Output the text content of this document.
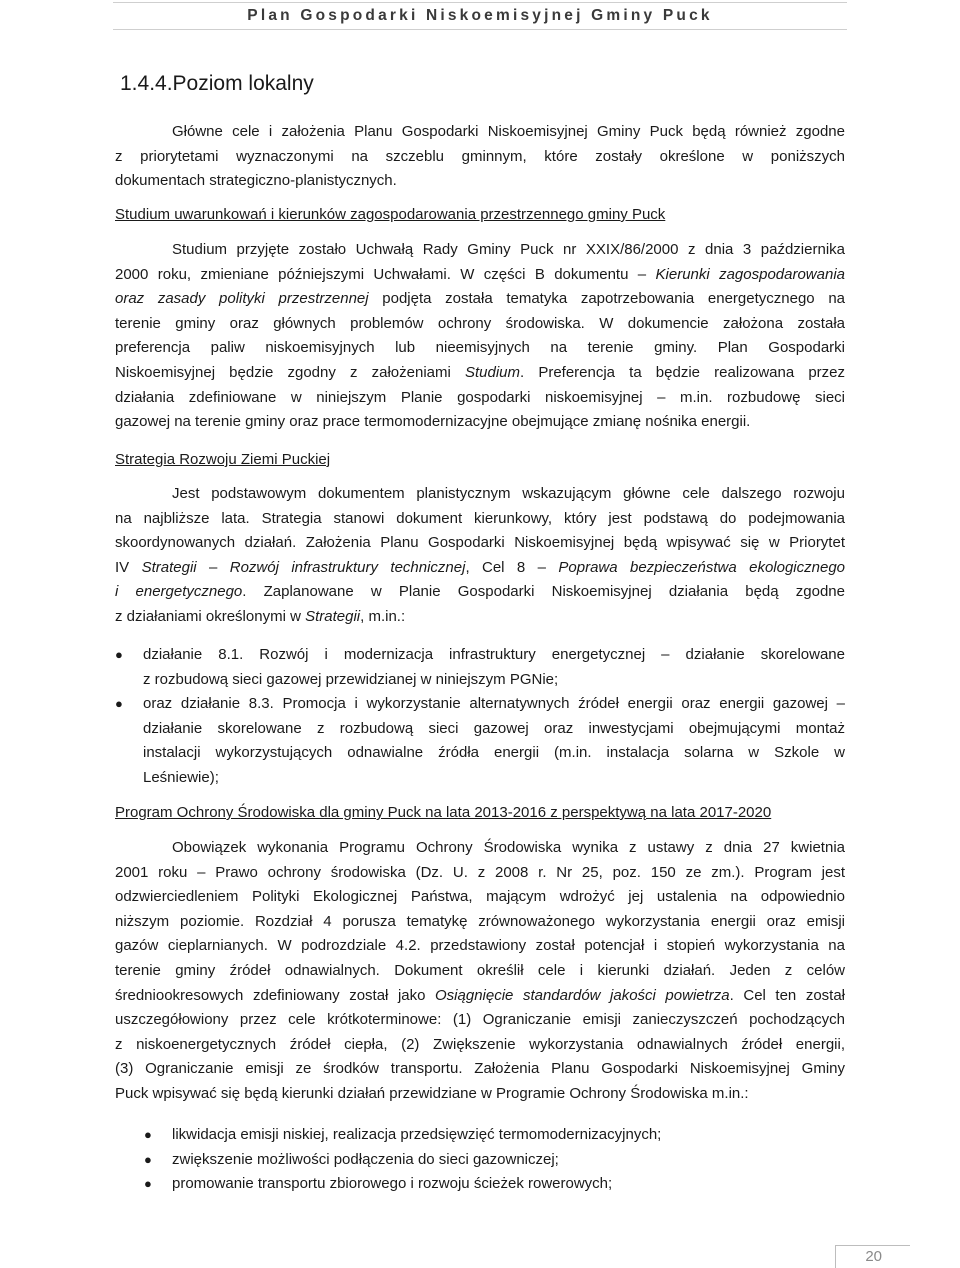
Plan Gospodarki Niskoemisyjnej Gminy Puck
1.4.4.Poziom lokalny
Główne cele i założenia Planu Gospodarki Niskoemisyjnej Gminy Puck będą również zgodne
z priorytetami wyznaczonymi na szczeblu gminnym, które zostały określone w poniższych
dokumentach strategiczno-planistycznych.
Studium uwarunkowań i kierunków zagospodarowania przestrzennego gminy Puck
Studium przyjęte zostało Uchwałą Rady Gminy Puck nr XXIX/86/2000 z dnia 3 października
2000 roku, zmieniane późniejszymi Uchwałami. W części B dokumentu – Kierunki zagospodarowania
oraz zasady polityki przestrzennej podjęta została tematyka zapotrzebowania energetycznego na
terenie gminy oraz głównych problemów ochrony środowiska. W dokumencie założona została
preferencja paliw niskoemisyjnych lub nieemisyjnych na terenie gminy. Plan Gospodarki
Niskoemisyjnej będzie zgodny z założeniami Studium. Preferencja ta będzie realizowana przez
działania zdefiniowane w niniejszym Planie gospodarki niskoemisyjnej – m.in. rozbudowę sieci
gazowej na terenie gminy oraz prace termomodernizacyjne obejmujące zmianę nośnika energii.
Strategia Rozwoju Ziemi Puckiej
Jest podstawowym dokumentem planistycznym wskazującym główne cele dalszego rozwoju
na najbliższe lata. Strategia stanowi dokument kierunkowy, który jest podstawą do podejmowania
skoordynowanych działań. Założenia Planu Gospodarki Niskoemisyjnej będą wpisywać się w Priorytet
IV Strategii – Rozwój infrastruktury technicznej, Cel 8 – Poprawa bezpieczeństwa ekologicznego
i energetycznego. Zaplanowane w Planie Gospodarki Niskoemisyjnej działania będą zgodne
z działaniami określonymi w Strategii, m.in.:
● działanie 8.1. Rozwój i modernizacja infrastruktury energetycznej – działanie skorelowane
z rozbudową sieci gazowej przewidzianej w niniejszym PGNie;
● oraz działanie 8.3. Promocja i wykorzystanie alternatywnych źródeł energii oraz energii gazowej –
działanie skorelowane z rozbudową sieci gazowej oraz inwestycjami obejmującymi montaż
instalacji wykorzystujących odnawialne źródła energii (m.in. instalacja solarna w Szkole w
Leśniewie);
Program Ochrony Środowiska dla gminy Puck na lata 2013-2016 z perspektywą na lata 2017-2020
Obowiązek wykonania Programu Ochrony Środowiska wynika z ustawy z dnia 27 kwietnia
2001 roku – Prawo ochrony środowiska (Dz. U. z 2008 r. Nr 25, poz. 150 ze zm.). Program jest
odzwierciedleniem Polityki Ekologicznej Państwa, mającym wdrożyć jej ustalenia na odpowiednio
niższym poziomie. Rozdział 4 porusza tematykę zrównoważonego wykorzystania energii oraz emisji
gazów cieplarnianych. W podrozdziale 4.2. przedstawiony został potencjał i stopień wykorzystania na
terenie gminy źródeł odnawialnych. Dokument określił cele i kierunki działań. Jeden z celów
średniookresowych zdefiniowany został jako Osiągnięcie standardów jakości powietrza. Cel ten został
uszczegółowiony przez cele krótkoterminowe: (1) Ograniczanie emisji zanieczyszczeń pochodzących
z niskoenergetycznych źródeł ciepła, (2) Zwiększenie wykorzystania odnawialnych źródeł energii,
(3) Ograniczanie emisji ze środków transportu. Założenia Planu Gospodarki Niskoemisyjnej Gminy
Puck wpisywać się będą kierunki działań przewidziane w Programie Ochrony Środowiska m.in.:
● likwidacja emisji niskiej, realizacja przedsięwzięć termomodernizacyjnych;
● zwiększenie możliwości podłączenia do sieci gazowniczej;
● promowanie transportu zbiorowego i rozwoju ścieżek rowerowych;
20
